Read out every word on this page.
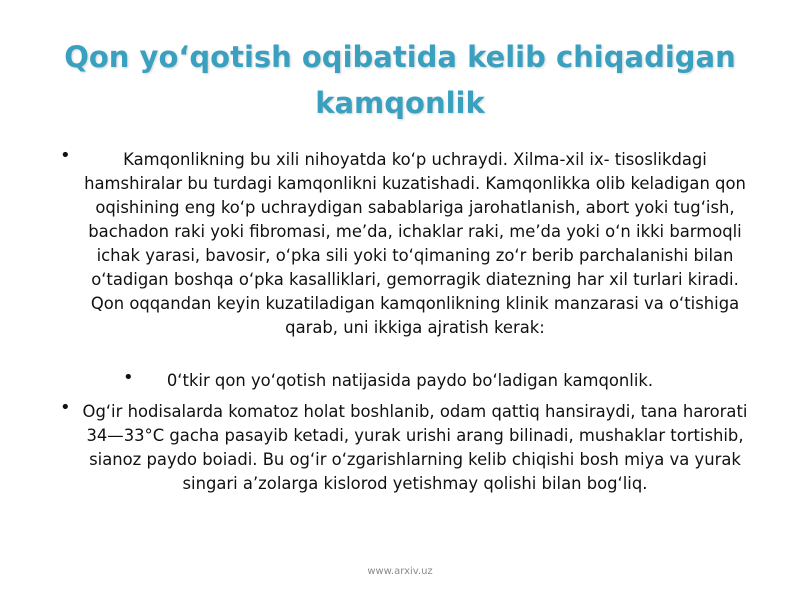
Qon yo‘qotish oqibatida kelib chiqadigan kamqonlik
•	Kamqonlikning bu xili nihoyatda ko‘p uchraydi. Xilma-xil ix- tisoslikdagi hamshiralar bu turdagi kamqonlikni kuzatishadi. Kamqonlikka olib keladigan qon oqishining eng ko‘p uchraydigan sabablariga jarohatlanish, abort yoki tug‘ish, bachadon raki yoki fibromasi, me’da, ichaklar raki, me’da yoki o‘n ikki barmoqli ichak yarasi, bavosir, o‘pka sili yoki to‘qimaning zo‘r berib parchalanishi bilan o‘tadigan boshqa o‘pka kasalliklari, gemorragik diatezning har xil turlari kiradi. Qon oqqandan keyin kuzatiladigan kamqonlikning klinik manzarasi va o‘tishiga qarab, uni ikkiga ajratish kerak:

•	0‘tkir qon yo‘qotish natijasida paydo bo‘ladigan kamqonlik.

• Og‘ir hodisalarda komatoz holat boshlanib, odam qattiq hansiraydi, tana harorati 34—33°C gacha pasayib ketadi, yurak urishi arang bilinadi, mushaklar tortishib, sianoz paydo boiadi. Bu og‘ir o‘zgarishlarning kelib chiqishi bosh miya va yurak singari a’zolarga kislorod yetishmay qolishi bilan bog‘liq.

www.arxiv.uz
